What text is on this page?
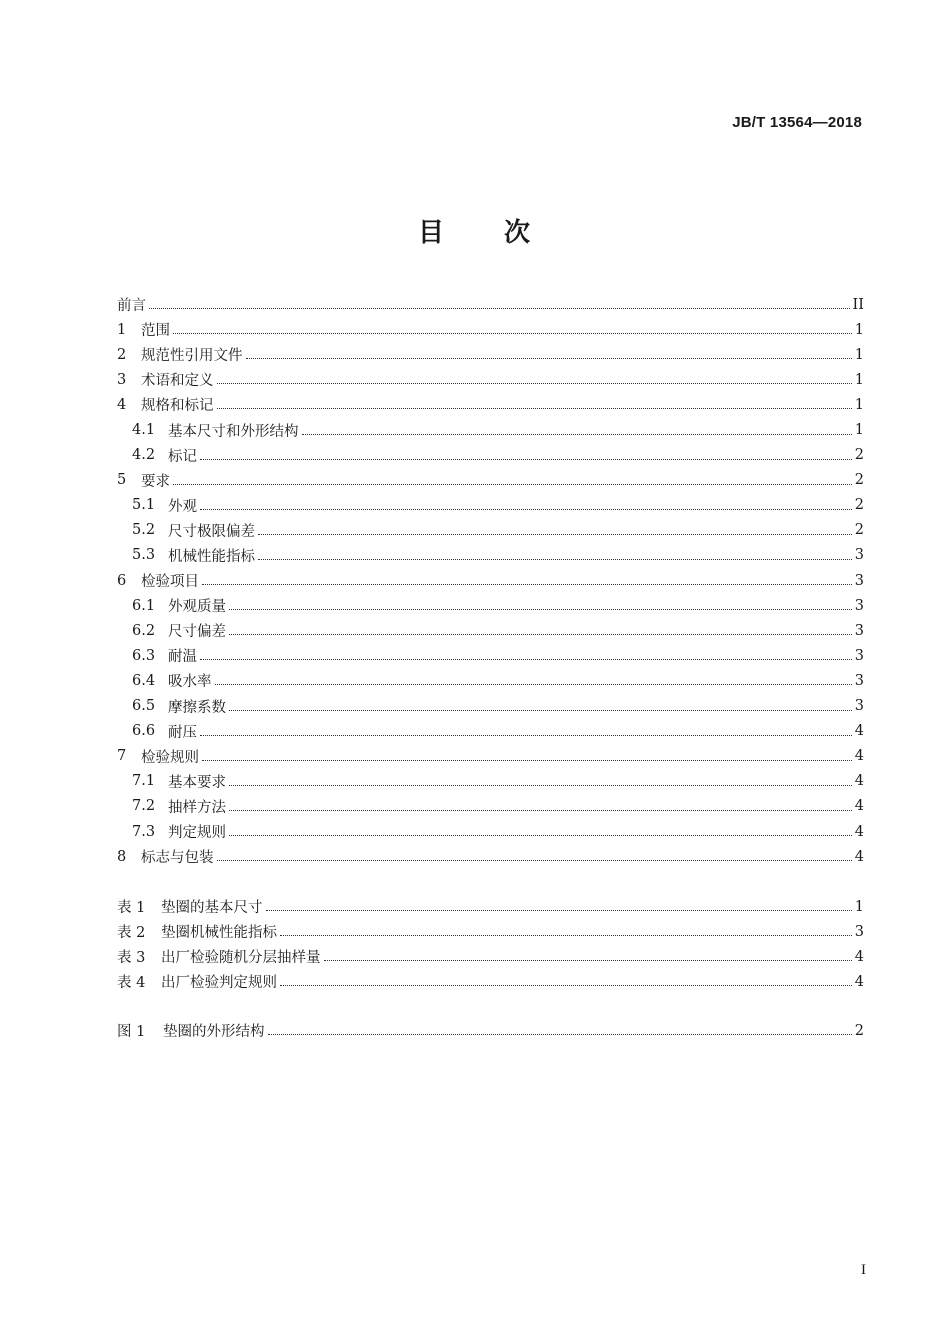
JB/T 13564—2018
目 次
前言	II
1	范围	1
2	规范性引用文件	1
3	术语和定义	1
4	规格和标记	1
4.1 基本尺寸和外形结构	1
4.2 标记	2
5	要求	2
5.1 外观	2
5.2 尺寸极限偏差	2
5.3 机械性能指标	3
6	检验项目	3
6.1 外观质量	3
6.2 尺寸偏差	3
6.3 耐温	3
6.4 吸水率	3
6.5 摩擦系数	3
6.6 耐压	4
7	检验规则	4
7.1 基本要求	4
7.2 抽样方法	4
7.3 判定规则	4
8	标志与包装	4
表 1	垫圈的基本尺寸	1
表 2	垫圈机械性能指标	3
表 3	出厂检验随机分层抽样量	4
表 4	出厂检验判定规则	4
图 1	垫圈的外形结构	2
I
